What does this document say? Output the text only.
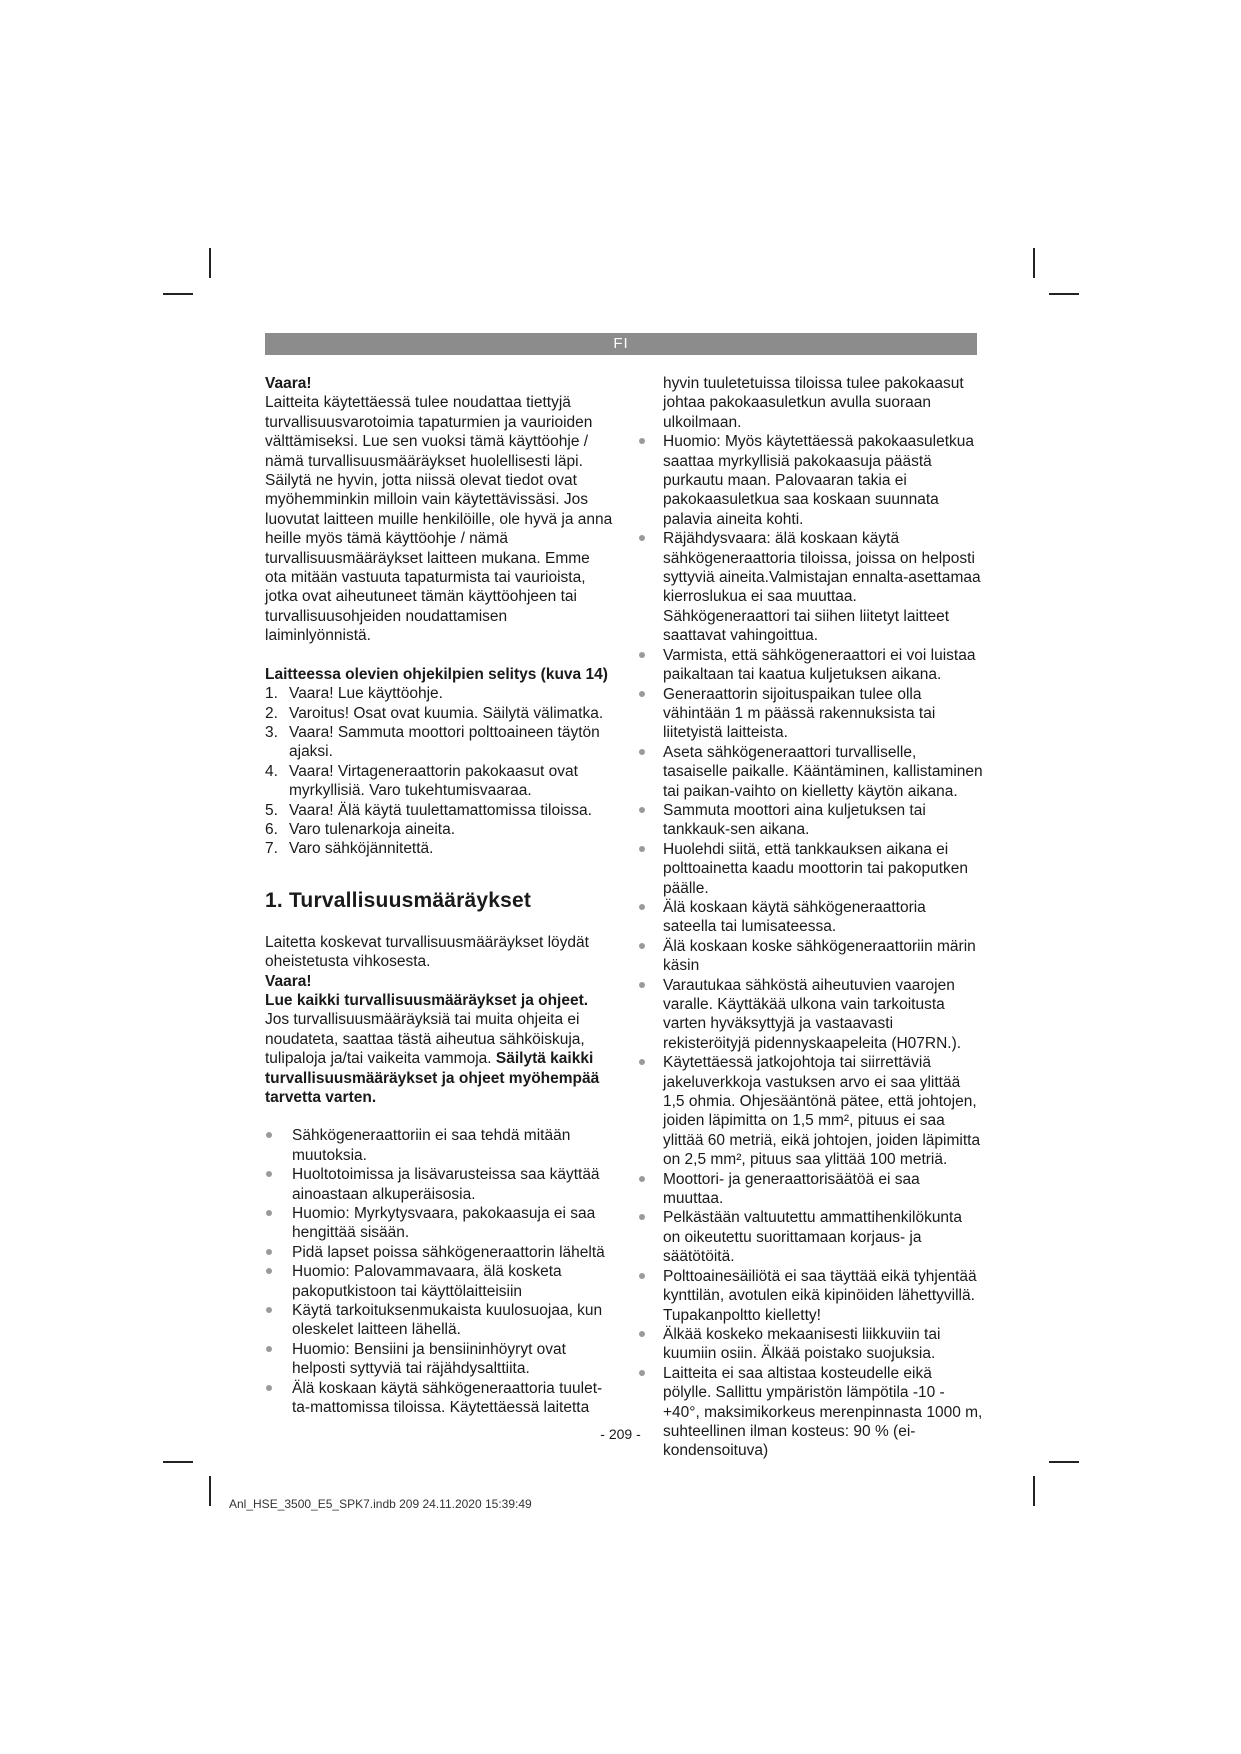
FI

Vaara!

Laitteita käytettäessä tulee noudattaa tiettyjä turvallisuusvarotoimia tapaturmien ja vaurioiden välttämiseksi. Lue sen vuoksi tämä käyttöohje / nämä turvallisuusmääräykset huolellisesti läpi. Säilytä ne hyvin, jotta niissä olevat tiedot ovat myöhemminkin milloin vain käytettävissäsi. Jos luovutat laitteen muille henkilöille, ole hyvä ja anna heille myös tämä käyttöohje / nämä turvallisuusmääräykset laitteen mukana. Emme ota mitään vastuuta tapaturmista tai vaurioista, jotka ovat aiheutuneet tämän käyttöohjeen tai turvallisuusohjeiden noudattamisen laiminlyönnistä.

Laitteessa olevien ohjekilpien selitys (kuva 14)

1. Vaara! Lue käyttöohje.
2. Varoitus! Osat ovat kuumia. Säilytä välimatka.
3. Vaara! Sammuta moottori polttoaineen täytön ajaksi.
4. Vaara! Virtageneraattorin pakokaasut ovat myrkyllisiä. Varo tukehtumisvaaraa.
5. Vaara! Älä käytä tuulettamattomissa tiloissa.
6. Varo tulenarkoja aineita.
7. Varo sähköjännitettä.
1. Turvallisuusmääräykset

Laitetta koskevat turvallisuusmääräykset löydät oheistetusta vihkosesta.

Vaara!

Lue kaikki turvallisuusmääräykset ja ohjeet.

Jos turvallisuusmääräyksiä tai muita ohjeita ei noudateta, saattaa tästä aiheutua sähköiskuja, tulipaloja ja/tai vaikeita vammoja. Säilytä kaikki turvallisuusmääräykset ja ohjeet myöhempää tarvetta varten.

Sähkögeneraattoriin ei saa tehdä mitään muutoksia.
Huoltotoimissa ja lisävarusteissa saa käyttää ainoastaan alkuperäisosia.
Huomio: Myrkytysvaara, pakokaasuja ei saa hengittää sisään.
Pidä lapset poissa sähkögeneraattorin läheltä
Huomio: Palovammavaara, älä kosketa pakoputkistoon tai käyttölaitteisiin
Käytä tarkoituksenmukaista kuulosuojaa, kun oleskelet laitteen lähellä.
Huomio: Bensiini ja bensiininhöyryt ovat helposti syttyviä tai räjähdysalttiita.
Älä koskaan käytä sähkögeneraattoria tuulet-ta-mattomissa tiloissa. Käytettäessä laitetta

hyvin tuuletetuissa tiloissa tulee pakokaasut johtaa pakokaasuletkun avulla suoraan ulkoilmaan.

Huomio: Myös käytettäessä pakokaasuletkua saattaa myrkyllisiä pakokaasuja päästä purkautu maan. Palovaaran takia ei pakokaasuletkua saa koskaan suunnata palavia aineita kohti.
Räjähdysvaara: älä koskaan käytä sähkögeneraattoria tiloissa, joissa on helposti syttyviä aineita.Valmistajan ennalta-asettamaa kierroslukua ei saa muuttaa. Sähkögeneraattori tai siihen liitetyt laitteet saattavat vahingoittua.
Varmista, että sähkögeneraattori ei voi luistaa paikaltaan tai kaatua kuljetuksen aikana.
Generaattorin sijoituspaikan tulee olla vähintään 1 m päässä rakennuksista tai liitetyistä laitteista.
Aseta sähkögeneraattori turvalliselle, tasaiselle paikalle. Kääntäminen, kallistaminen tai paikan-vaihto on kielletty käytön aikana.
Sammuta moottori aina kuljetuksen tai tankkauk-sen aikana.
Huolehdi siitä, että tankkauksen aikana ei polttoainetta kaadu moottorin tai pakoputken päälle.
Älä koskaan käytä sähkögeneraattoria sateella tai lumisateessa.
Älä koskaan koske sähkögeneraattoriin märin käsin
Varautukaa sähköstä aiheutuvien vaarojen varalle. Käyttäkää ulkona vain tarkoitusta varten hyväksyttyjä ja vastaavasti rekisteröityjä pidennyskaapeleita (H07RN.).
Käytettäessä jatkojohtoja tai siirrettäviä jakeluverkkoja vastuksen arvo ei saa ylittää 1,5 ohmia. Ohjesääntönä pätee, että johtojen, joiden läpimitta on 1,5 mm², pituus ei saa ylittää 60 metriä, eikä johtojen, joiden läpimitta on 2,5 mm², pituus saa ylittää 100 metriä.
Moottori- ja generaattorisäätöä ei saa muuttaa.
Pelkästään valtuutettu ammattihenkilökunta on oikeutettu suorittamaan korjaus- ja säätötöitä.
Polttoainesäiliötä ei saa täyttää eikä tyhjentää kynttilän, avotulen eikä kipinöiden lähettyvillä. Tupakanpoltto kielletty!
Älkää koskeko mekaanisesti liikkuviin tai kuumiin osiin. Älkää poistako suojuksia.
Laitteita ei saa altistaa kosteudelle eikä pölylle. Sallittu ympäristön lämpötila -10 - +40°, maksimikorkeus merenpinnasta 1000 m, suhteellinen ilman kosteus: 90 % (ei-kondensoituva)
- 209 -
Anl_HSE_3500_E5_SPK7.indb 209 24.11.2020 15:39:49
